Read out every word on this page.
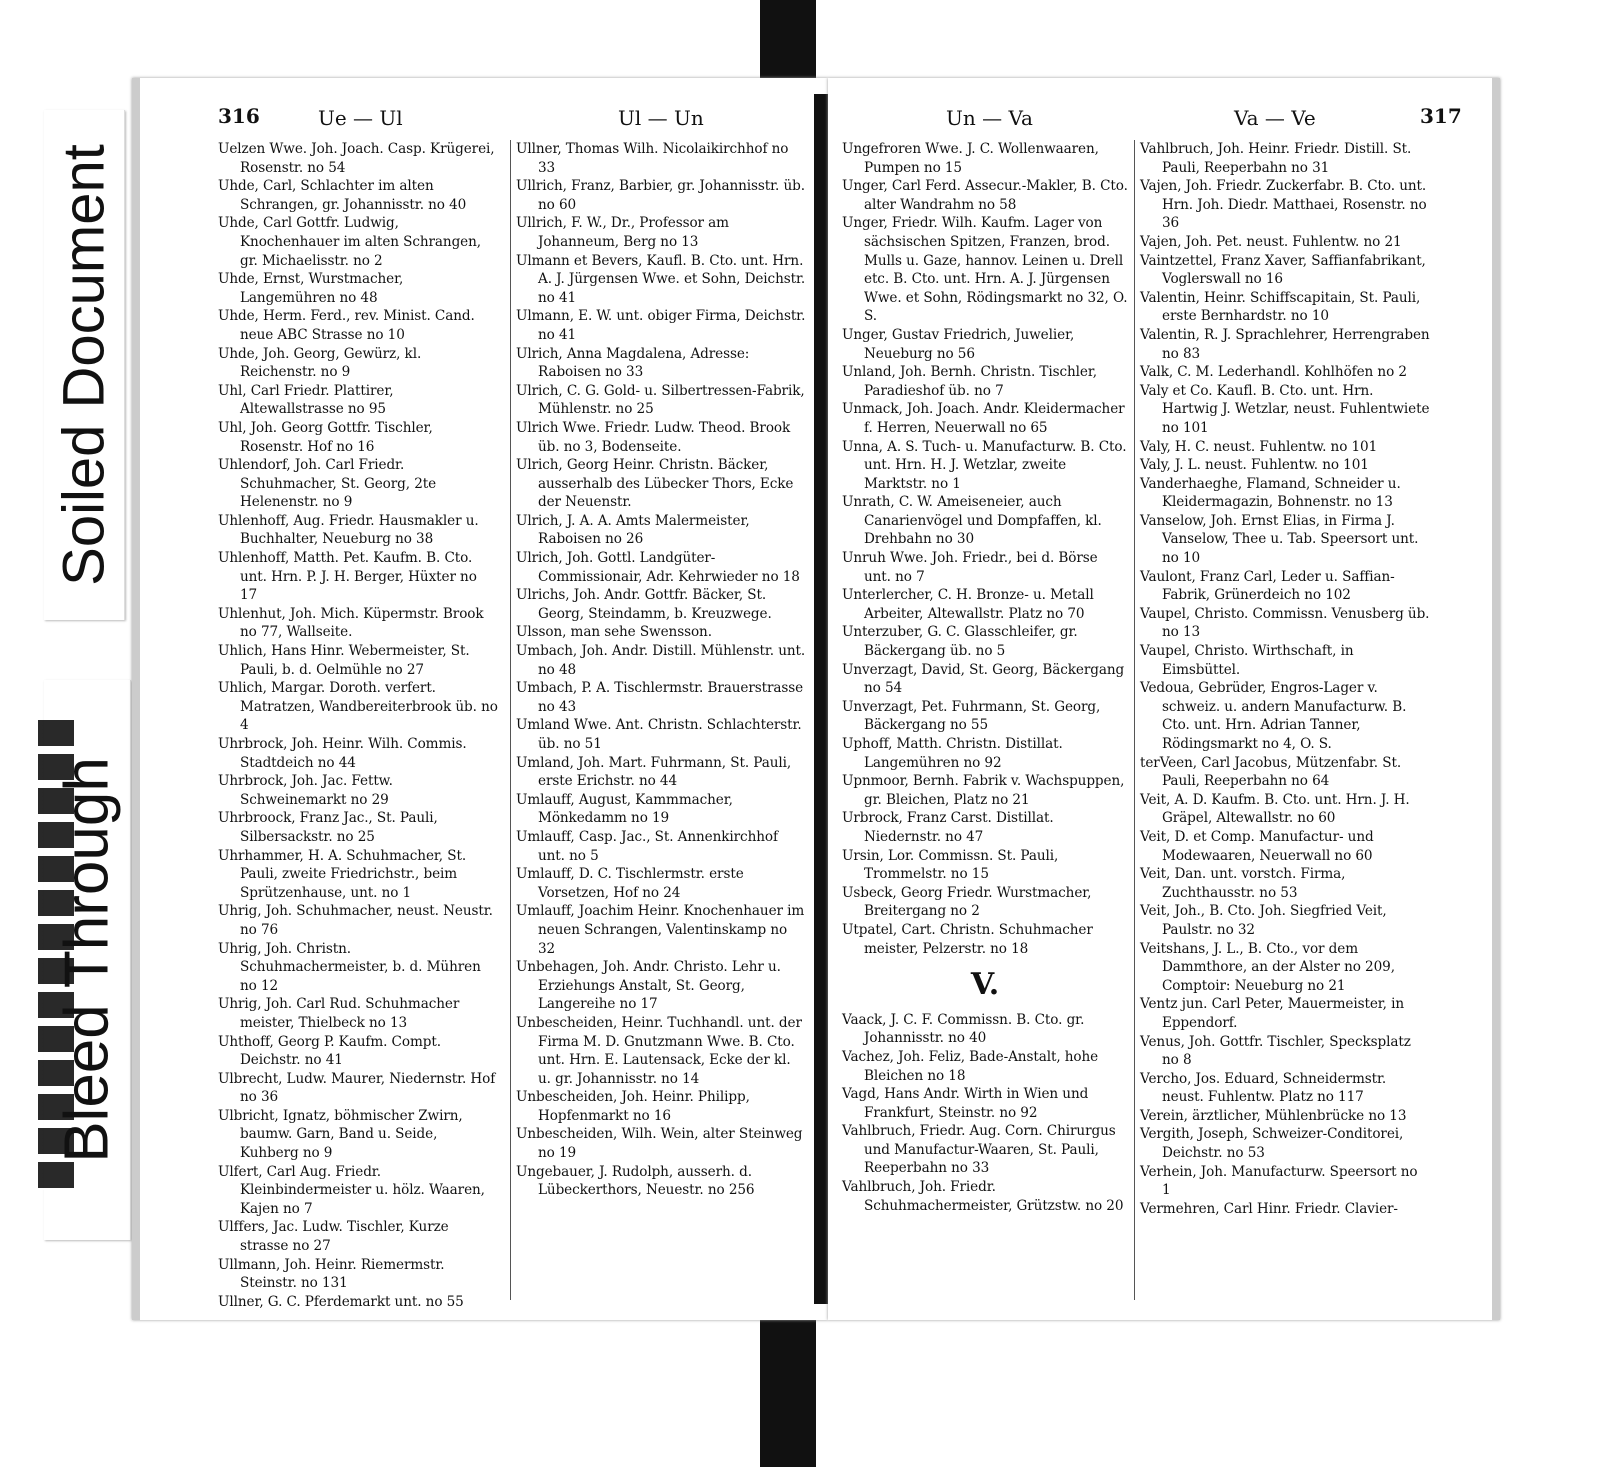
Soiled Document
Bleed Through
316	Ue — Ul	Ul — Un

Uelzen Wwe. Joh. Joach. Casp. Krügerei, Rosenstr. no 54

Uhde, Carl, Schlachter im alten Schrangen, gr. Johannisstr. no 40

Uhde, Carl Gottfr. Ludwig, Knochenhauer im alten Schrangen, gr. Michaelisstr. no 2

Uhde, Ernst, Wurstmacher, Langemühren no 48

Uhde, Herm. Ferd., rev. Minist. Cand. neue ABC Strasse no 10

Uhde, Joh. Georg, Gewürz, kl. Reichenstr. no 9

Uhl, Carl Friedr. Plattirer, Altewallstrasse no 95

Uhl, Joh. Georg Gottfr. Tischler, Rosenstr. Hof no 16

Uhlendorf, Joh. Carl Friedr. Schuhmacher, St. Georg, 2te Helenenstr. no 9

Uhlenhoff, Aug. Friedr. Hausmakler u. Buchhalter, Neueburg no 38

Uhlenhoff, Matth. Pet. Kaufm. B. Cto. unt. Hrn. P. J. H. Berger, Hüxter no 17

Uhlenhut, Joh. Mich. Küpermstr. Brook no 77, Wallseite.

Uhlich, Hans Hinr. Webermeister, St. Pauli, b. d. Oelmühle no 27

Uhlich, Margar. Doroth. verfert. Matratzen, Wandbereiterbrook üb. no 4

Uhrbrock, Joh. Heinr. Wilh. Commis. Stadtdeich no 44

Uhrbrock, Joh. Jac. Fettw. Schweinemarkt no 29

Uhrbroock, Franz Jac., St. Pauli, Silbersackstr. no 25

Uhrhammer, H. A. Schuhmacher, St. Pauli, zweite Friedrichstr., beim Sprützenhause, unt. no 1

Uhrig, Joh. Schuhmacher, neust. Neustr. no 76

Uhrig, Joh. Christn. Schuhmachermeister, b. d. Mühren no 12

Uhrig, Joh. Carl Rud. Schuhmacher meister, Thielbeck no 13

Uhthoff, Georg P. Kaufm. Compt. Deichstr. no 41

Ulbrecht, Ludw. Maurer, Niedernstr. Hof no 36

Ulbricht, Ignatz, böhmischer Zwirn, baumw. Garn, Band u. Seide, Kuhberg no 9

Ulfert, Carl Aug. Friedr. Kleinbindermeister u. hölz. Waaren, Kajen no 7

Ulffers, Jac. Ludw. Tischler, Kurze strasse no 27

Ullmann, Joh. Heinr. Riemermstr. Steinstr. no 131

Ullner, G. C. Pferdemarkt unt. no 55

Ullner, Thomas Wilh. Nicolaikirchhof no 33

Ullrich, Franz, Barbier, gr. Johannisstr. üb. no 60

Ullrich, F. W., Dr., Professor am Johanneum, Berg no 13

Ulmann et Bevers, Kaufl. B. Cto. unt. Hrn. A. J. Jürgensen Wwe. et Sohn, Deichstr. no 41

Ulmann, E. W. unt. obiger Firma, Deichstr. no 41

Ulrich, Anna Magdalena, Adresse: Raboisen no 33

Ulrich, C. G. Gold- u. Silbertressen-Fabrik, Mühlenstr. no 25

Ulrich Wwe. Friedr. Ludw. Theod. Brook üb. no 3, Bodenseite.

Ulrich, Georg Heinr. Christn. Bäcker, ausserhalb des Lübecker Thors, Ecke der Neuenstr.

Ulrich, J. A. A. Amts Malermeister, Raboisen no 26

Ulrich, Joh. Gottl. Landgüter-Commissionair, Adr. Kehrwieder no 18

Ulrichs, Joh. Andr. Gottfr. Bäcker, St. Georg, Steindamm, b. Kreuzwege.

Ulsson, man sehe Swensson.

Umbach, Joh. Andr. Distill. Mühlenstr. unt. no 48

Umbach, P. A. Tischlermstr. Brauerstrasse no 43

Umland Wwe. Ant. Christn. Schlachterstr. üb. no 51

Umland, Joh. Mart. Fuhrmann, St. Pauli, erste Erichstr. no 44

Umlauff, August, Kammmacher, Mönkedamm no 19

Umlauff, Casp. Jac., St. Annenkirchhof unt. no 5

Umlauff, D. C. Tischlermstr. erste Vorsetzen, Hof no 24

Umlauff, Joachim Heinr. Knochenhauer im neuen Schrangen, Valentinskamp no 32

Unbehagen, Joh. Andr. Christo. Lehr u. Erziehungs Anstalt, St. Georg, Langereihe no 17

Unbescheiden, Heinr. Tuchhandl. unt. der Firma M. D. Gnutzmann Wwe. B. Cto. unt. Hrn. E. Lautensack, Ecke der kl. u. gr. Johannisstr. no 14

Unbescheiden, Joh. Heinr. Philipp, Hopfenmarkt no 16

Unbescheiden, Wilh. Wein, alter Steinweg no 19

Ungebauer, J. Rudolph, ausserh. d. Lübeckerthors, Neuestr. no 256

Un — Va	Va — Ve	317

Ungefroren Wwe. J. C. Wollenwaaren, Pumpen no 15

Unger, Carl Ferd. Assecur.-Makler, B. Cto. alter Wandrahm no 58

Unger, Friedr. Wilh. Kaufm. Lager von sächsischen Spitzen, Franzen, brod. Mulls u. Gaze, hannov. Leinen u. Drell etc. B. Cto. unt. Hrn. A. J. Jürgensen Wwe. et Sohn, Rödingsmarkt no 32, O. S.

Unger, Gustav Friedrich, Juwelier, Neueburg no 56

Unland, Joh. Bernh. Christn. Tischler, Paradieshof üb. no 7

Unmack, Joh. Joach. Andr. Kleidermacher f. Herren, Neuerwall no 65

Unna, A. S. Tuch- u. Manufacturw. B. Cto. unt. Hrn. H. J. Wetzlar, zweite Marktstr. no 1

Unrath, C. W. Ameiseneier, auch Canarienvögel und Dompfaffen, kl. Drehbahn no 30

Unruh Wwe. Joh. Friedr., bei d. Börse unt. no 7

Unterlercher, C. H. Bronze- u. Metall Arbeiter, Altewallstr. Platz no 70

Unterzuber, G. C. Glasschleifer, gr. Bäckergang üb. no 5

Unverzagt, David, St. Georg, Bäckergang no 54

Unverzagt, Pet. Fuhrmann, St. Georg, Bäckergang no 55

Uphoff, Matth. Christn. Distillat. Langemühren no 92

Upnmoor, Bernh. Fabrik v. Wachspuppen, gr. Bleichen, Platz no 21

Urbrock, Franz Carst. Distillat. Niedernstr. no 47

Ursin, Lor. Commissn. St. Pauli, Trommelstr. no 15

Usbeck, Georg Friedr. Wurstmacher, Breitergang no 2

Utpatel, Cart. Christn. Schuhmacher meister, Pelzerstr. no 18

V.

Vaack, J. C. F. Commissn. B. Cto. gr. Johannisstr. no 40

Vachez, Joh. Feliz, Bade-Anstalt, hohe Bleichen no 18

Vagd, Hans Andr. Wirth in Wien und Frankfurt, Steinstr. no 92

Vahlbruch, Friedr. Aug. Corn. Chirurgus und Manufactur-Waaren, St. Pauli, Reeperbahn no 33

Vahlbruch, Joh. Friedr. Schuhmachermeister, Grützstw. no 20

Vahlbruch, Joh. Heinr. Friedr. Distill. St. Pauli, Reeperbahn no 31

Vajen, Joh. Friedr. Zuckerfabr. B. Cto. unt. Hrn. Joh. Diedr. Matthaei, Rosenstr. no 36

Vajen, Joh. Pet. neust. Fuhlentw. no 21

Vaintzettel, Franz Xaver, Saffianfabrikant, Voglerswall no 16

Valentin, Heinr. Schiffscapitain, St. Pauli, erste Bernhardstr. no 10

Valentin, R. J. Sprachlehrer, Herrengraben no 83

Valk, C. M. Lederhandl. Kohlhöfen no 2

Valy et Co. Kaufl. B. Cto. unt. Hrn. Hartwig J. Wetzlar, neust. Fuhlentwiete no 101

Valy, H. C. neust. Fuhlentw. no 101

Valy, J. L. neust. Fuhlentw. no 101

Vanderhaeghe, Flamand, Schneider u. Kleidermagazin, Bohnenstr. no 13

Vanselow, Joh. Ernst Elias, in Firma J. Vanselow, Thee u. Tab. Speersort unt. no 10

Vaulont, Franz Carl, Leder u. Saffian-Fabrik, Grünerdeich no 102

Vaupel, Christo. Commissn. Venusberg üb. no 13

Vaupel, Christo. Wirthschaft, in Eimsbüttel.

Vedoua, Gebrüder, Engros-Lager v. schweiz. u. andern Manufacturw. B. Cto. unt. Hrn. Adrian Tanner, Rödingsmarkt no 4, O. S.

terVeen, Carl Jacobus, Mützenfabr. St. Pauli, Reeperbahn no 64

Veit, A. D. Kaufm. B. Cto. unt. Hrn. J. H. Gräpel, Altewallstr. no 60

Veit, D. et Comp. Manufactur- und Modewaaren, Neuerwall no 60

Veit, Dan. unt. vorstch. Firma, Zuchthausstr. no 53

Veit, Joh., B. Cto. Joh. Siegfried Veit, Paulstr. no 32

Veitshans, J. L., B. Cto., vor dem Dammthore, an der Alster no 209, Comptoir: Neueburg no 21

Ventz jun. Carl Peter, Mauermeister, in Eppendorf.

Venus, Joh. Gottfr. Tischler, Specksplatz no 8

Vercho, Jos. Eduard, Schneidermstr. neust. Fuhlentw. Platz no 117

Verein, ärztlicher, Mühlenbrücke no 13

Vergith, Joseph, Schweizer-Conditorei, Deichstr. no 53

Verhein, Joh. Manufacturw. Speersort no 1

Vermehren, Carl Hinr. Friedr. Clavier-
